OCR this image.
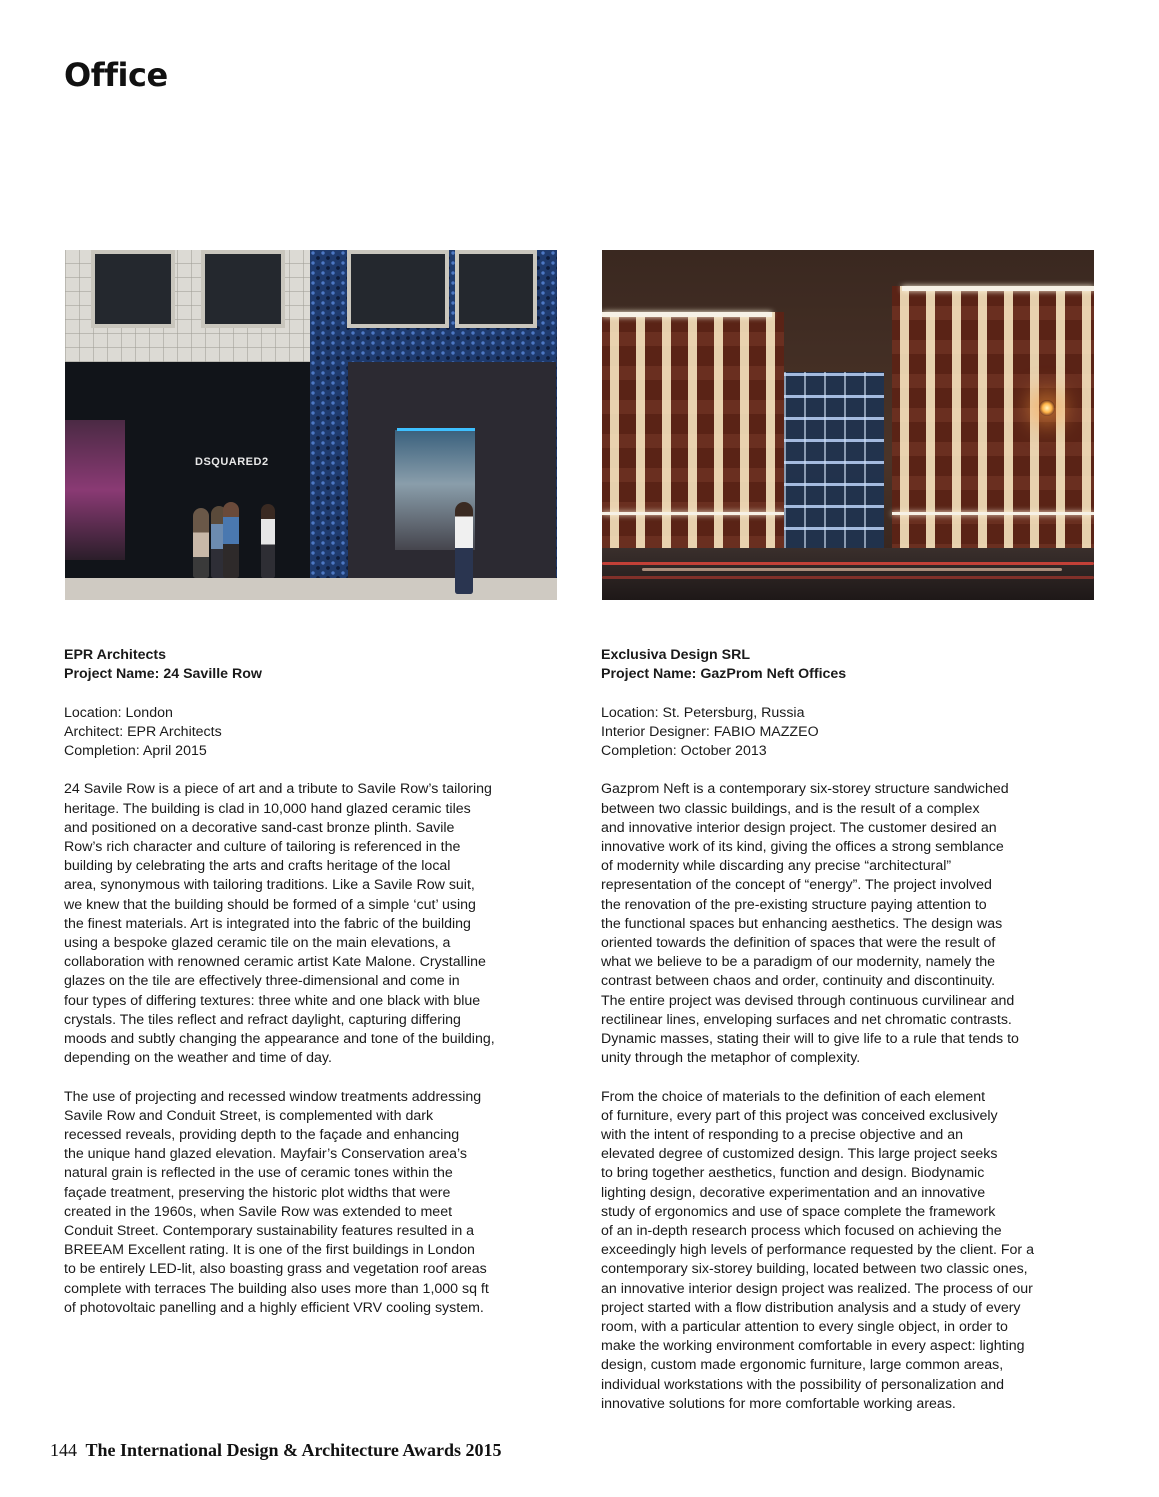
Office
DSQUARED2

EPR Architects

Project Name: 24 Saville Row

Location: London

Architect: EPR Architects

Completion: April 2015

24 Savile Row is a piece of art and a tribute to Savile Row’s tailoring
heritage. The building is clad in 10,000 hand glazed ceramic tiles
and positioned on a decorative sand-cast bronze plinth. Savile
Row’s rich character and culture of tailoring is referenced in the
building by celebrating the arts and crafts heritage of the local
area, synonymous with tailoring traditions. Like a Savile Row suit,
we knew that the building should be formed of a simple ‘cut’ using
the finest materials. Art is integrated into the fabric of the building
using a bespoke glazed ceramic tile on the main elevations, a
collaboration with renowned ceramic artist Kate Malone. Crystalline
glazes on the tile are effectively three-dimensional and come in
four types of differing textures: three white and one black with blue
crystals. The tiles reflect and refract daylight, capturing differing
moods and subtly changing the appearance and tone of the building,
depending on the weather and time of day.

The use of projecting and recessed window treatments addressing
Savile Row and Conduit Street, is complemented with dark
recessed reveals, providing depth to the façade and enhancing
the unique hand glazed elevation. Mayfair’s Conservation area’s
natural grain is reflected in the use of ceramic tones within the
façade treatment, preserving the historic plot widths that were
created in the 1960s, when Savile Row was extended to meet
Conduit Street. Contemporary sustainability features resulted in a
BREEAM Excellent rating. It is one of the first buildings in London
to be entirely LED-lit, also boasting grass and vegetation roof areas
complete with terraces The building also uses more than 1,000 sq ft
of photovoltaic panelling and a highly efficient VRV cooling system.

Exclusiva Design SRL

Project Name: GazProm Neft Offices

Location: St. Petersburg, Russia

Interior Designer: FABIO MAZZEO

Completion: October 2013

Gazprom Neft is a contemporary six-storey structure sandwiched
between two classic buildings, and is the result of a complex
and innovative interior design project. The customer desired an
innovative work of its kind, giving the offices a strong semblance
of modernity while discarding any precise “architectural”
representation of the concept of “energy”. The project involved
the renovation of the pre-existing structure paying attention to
the functional spaces but enhancing aesthetics. The design was
oriented towards the definition of spaces that were the result of
what we believe to be a paradigm of our modernity, namely the
contrast between chaos and order, continuity and discontinuity.
The entire project was devised through continuous curvilinear and
rectilinear lines, enveloping surfaces and net chromatic contrasts.
Dynamic masses, stating their will to give life to a rule that tends to
unity through the metaphor of complexity.

From the choice of materials to the definition of each element
of furniture, every part of this project was conceived exclusively
with the intent of responding to a precise objective and an
elevated degree of customized design. This large project seeks
to bring together aesthetics, function and design. Biodynamic
lighting design, decorative experimentation and an innovative
study of ergonomics and use of space complete the framework
of an in-depth research process which focused on achieving the
exceedingly high levels of performance requested by the client. For a
contemporary six-storey building, located between two classic ones,
an innovative interior design project was realized. The process of our
project started with a flow distribution analysis and a study of every
room, with a particular attention to every single object, in order to
make the working environment comfortable in every aspect: lighting
design, custom made ergonomic furniture, large common areas,
individual workstations with the possibility of personalization and
innovative solutions for more comfortable working areas.

144 The International Design & Architecture Awards 2015
